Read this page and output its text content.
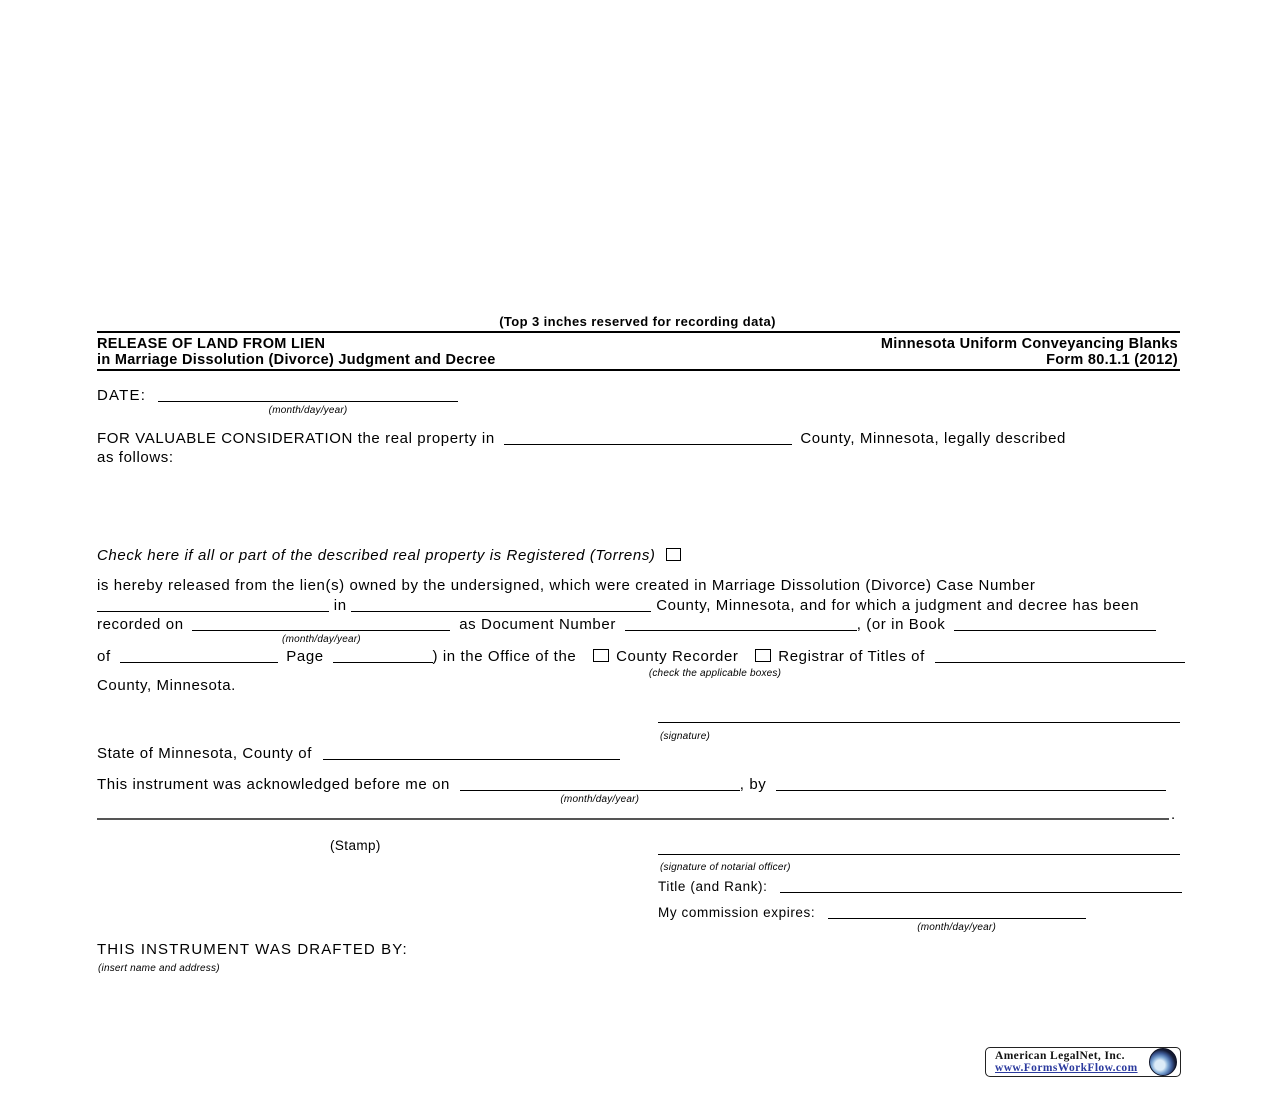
(Top 3 inches reserved for recording data)
RELEASE OF LAND FROM LIEN
in Marriage Dissolution (Divorce) Judgment and Decree
Minnesota Uniform Conveyancing Blanks
Form 80.1.1 (2012)
DATE:
(month/day/year)
FOR VALUABLE CONSIDERATION the real property in	County, Minnesota, legally described
as follows:
Check here if all or part of the described real property is Registered (Torrens)
is hereby released from the lien(s) owned by the undersigned, which were created in Marriage Dissolution (Divorce) Case Number
in	County, Minnesota, and for which a judgment and decree has been
recorded on
(month/day/year)
as Document Number	, (or in Book
of	Page	) in the Office of the	County Recorder	Registrar of Titles of
(check the applicable boxes)
County, Minnesota.
(signature)
State of Minnesota, County of
This instrument was acknowledged before me on
(month/day/year)
, by
.
(Stamp)
(signature of notarial officer)
Title (and Rank):
My commission expires:
(month/day/year)
THIS INSTRUMENT WAS DRAFTED BY:
(insert name and address)
American LegalNet, Inc.
www.FormsWorkFlow.com
